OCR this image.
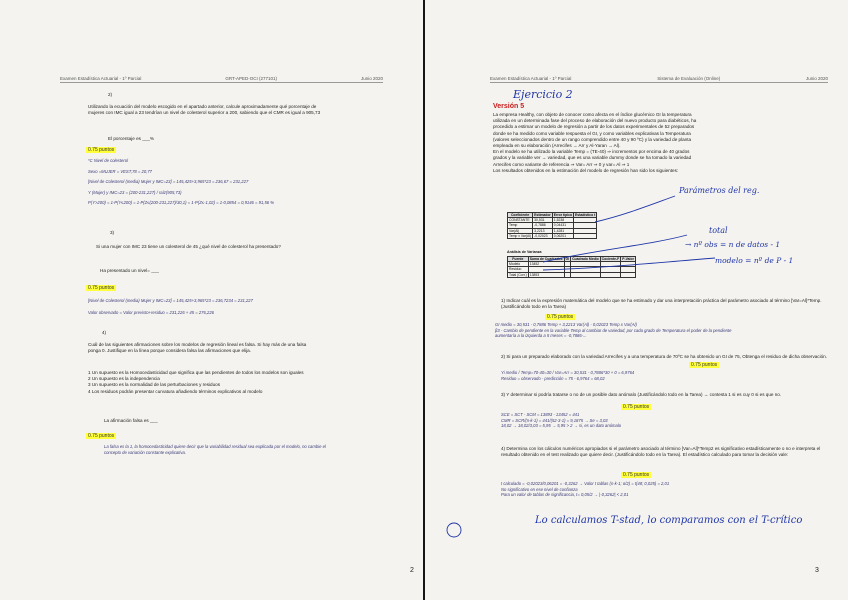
Examen Estadística Actuarial - 1º Parcial	GRT-APED-OCI (277101)	Junio 2020
2)
Utilizando la ecuación del modelo escogido en el apartado anterior, calcule aproximadamente qué porcentaje de mujeres con IMC igual a 23 tendrían un nivel de colesterol superior a 200, sabiendo que el CMR es igual a 905,73
El porcentaje es ___%
0.75 puntos
*C Nivel de colesterol
Sexo =MUJER = VEST,78 = 20,77
[Nivel de Colesterol (media) Mujer y IMC=23] = 145,425+3,965*23 = 236,67 = 231,227
Y (Mujer) y IMC=23 = (200-231,227) / raíz(905,73)
P(Y>200) = 1-P(Y≤200) = 1-P(Z≤(200-231,227)/30,1) = 1-P(Z≤-1,02) = 1-0,0854 = 0,9146 = 91,56 %
3)
Si una mujer con IMC 23 tiene un colesterol de 45 ¿qué nivel de colesterol ha presentado?
Ha presentado un nivel= ___
0.75 puntos
[Nivel de Colesterol (media) Mujer y IMC=23] = 145,425+3,965*23 = 236,7234 = 231,227
Valor observado = Valor previsto+residuo = 231,226 + 45 = 276,226
4)
Cuál de las siguientes afirmaciones sobre los modelos de regresión lineal es falsa. Si hay más de una falsa ponga 0. Justifique en la línea porque considera falsa las afirmaciones que elija.
1 Un supuesto es la Homocedasticidad que significa que las pendientes de todos los modelos son iguales
2 Un supuesto es la independencia
3 Un supuesto es la normalidad de las perturbaciones y residuos
4 Los residuos podrán presentar curvatura añadiendo términos explicativos al modelo
La afirmación falsa es ___
0.75 puntos
La falsa es la 1, la homocedasticidad quiere decir que la variabilidad residual sea explicada por el modelo, no cambie el concepto de variación constante explicativa.
2
Examen Estadística Actuarial - 1º Parcial	Sistema de Evaluación (Online)	Junio 2020
Ejercicio 2
Versión 5
La empresa Healthy, con objeto de conocer como afecta en el índice glucémico GI la temperatura
utilizada en un determinada fase del proceso de elaboración del nuevo producto para diabéticos, ha
procedido a estimar un modelo de regresión a partir de los datos experimentales de 52 preparados
donde se ha medido como variable respuesta el GI, y como variables explicativas la Temperatura
(valores seleccionados dentro de un rango comprendido entre 40 y 90 ºC) y la variedad de planta
empleada en su elaboración (Arrecifes → Arr y Al-Yaran → Al).
En el modelo se ha utilizado la variable Temp = (TE-40) ⇒ incrementos por encima de 40 grados
grados y la variable ver → variedad, que es una variable dummy donde se ha tomado la variedad
Arrecifes como variante de referencia ⇒ Var= Arr ⇒ 0 y var= Al ⇒ 1
Los resultados obtenidos en la estimación del modelo de regresión han sido los siguientes:
Coeficiente	Estimador	Error típico	Estadístico t
CONSTANTE	30,531	1,5238	
Temp	-0,7886	0,04431	
Var(Al)	3,2213	1,4281	
Temp x Var(Al)	-0,02023	0,06201	
Análisis de Varianza
Fuente	Suma de Cuadrados	Gl	Cuadrado Medio	Cociente-F	P-Valor
Modelo	13452				
Residuo					
Total (Corr.)	13893				
Parámetros del reg.
total
→ nº obs = n de datos - 1
modelo = nº de P - 1
1) Indicar cuál es la expresión matemática del modelo que se ha estimado y dar una interpretación práctica del parámetro asociado al término [Var=Al]*Temp. (Justificándolo todo en la Tarea)
0.75 puntos
GI medio = 30,531 - 0,7886 Temp + 3,2213 Var(Al) - 0,02023 Temp x Var(Al)
β3 - Cambio de pendiente en la variable Temp al cambiar de variedad, por cada grado de Temperatura el poder de la pendiente
aumentaría a la izquierda a 5 meses = -0,7886-...
2) Si para un preparado elaborado con la variedad Arrecifes y a una temperatura de 70ºC se ha obtenido un GI de 75, Obtenga el residuo de dicha observación.
0.75 puntos
Yi medio / Temp=70-40=30 / Var=Arr = 30,531 - 0,7886*30 + 0 = 6,9764
Residuo = observado - predicción = 75 - 6,9764 = 68,02
3) Y determinar si podría tratarse o no de un posible dato anómalo (Justificándolo todo en la Tarea) → contesta 1 si es cuy 0 si es que no.
0.75 puntos
SCE = SCT - SCM = 13893 - 13452 = 441
CMR = SCR/(n-k-1) = 441/(52-3-1) = 9,1875 → Se = 3,03
18,02 → 18,02/3,03 = 5,95 → 5,95 > 2 → si, es un dato anómalo
4) Determina con los cálculos numéricos apropiados si el parámetro asociado al término [Var=Al]*Temp2 es significativo estadísticamente o no e interpreta el resultado obtenido en el test realizado que quiere decir. (Justificándolo todo en la Tarea). El estadístico calculado para tomar la decisión vale:
0.75 puntos
t calculado = -0,02023/0,06201 = -0,3262 → Valor t tablas (n-k-1; α/2) = t(48; 0,025) = 2,01
No significativo en ese nivel de confianza
Para un valor de tablas de significancia, t= 0,05/2 → |-0,3262| < 2,01
Lo calculamos T-stad, lo comparamos con el T-crítico
3
